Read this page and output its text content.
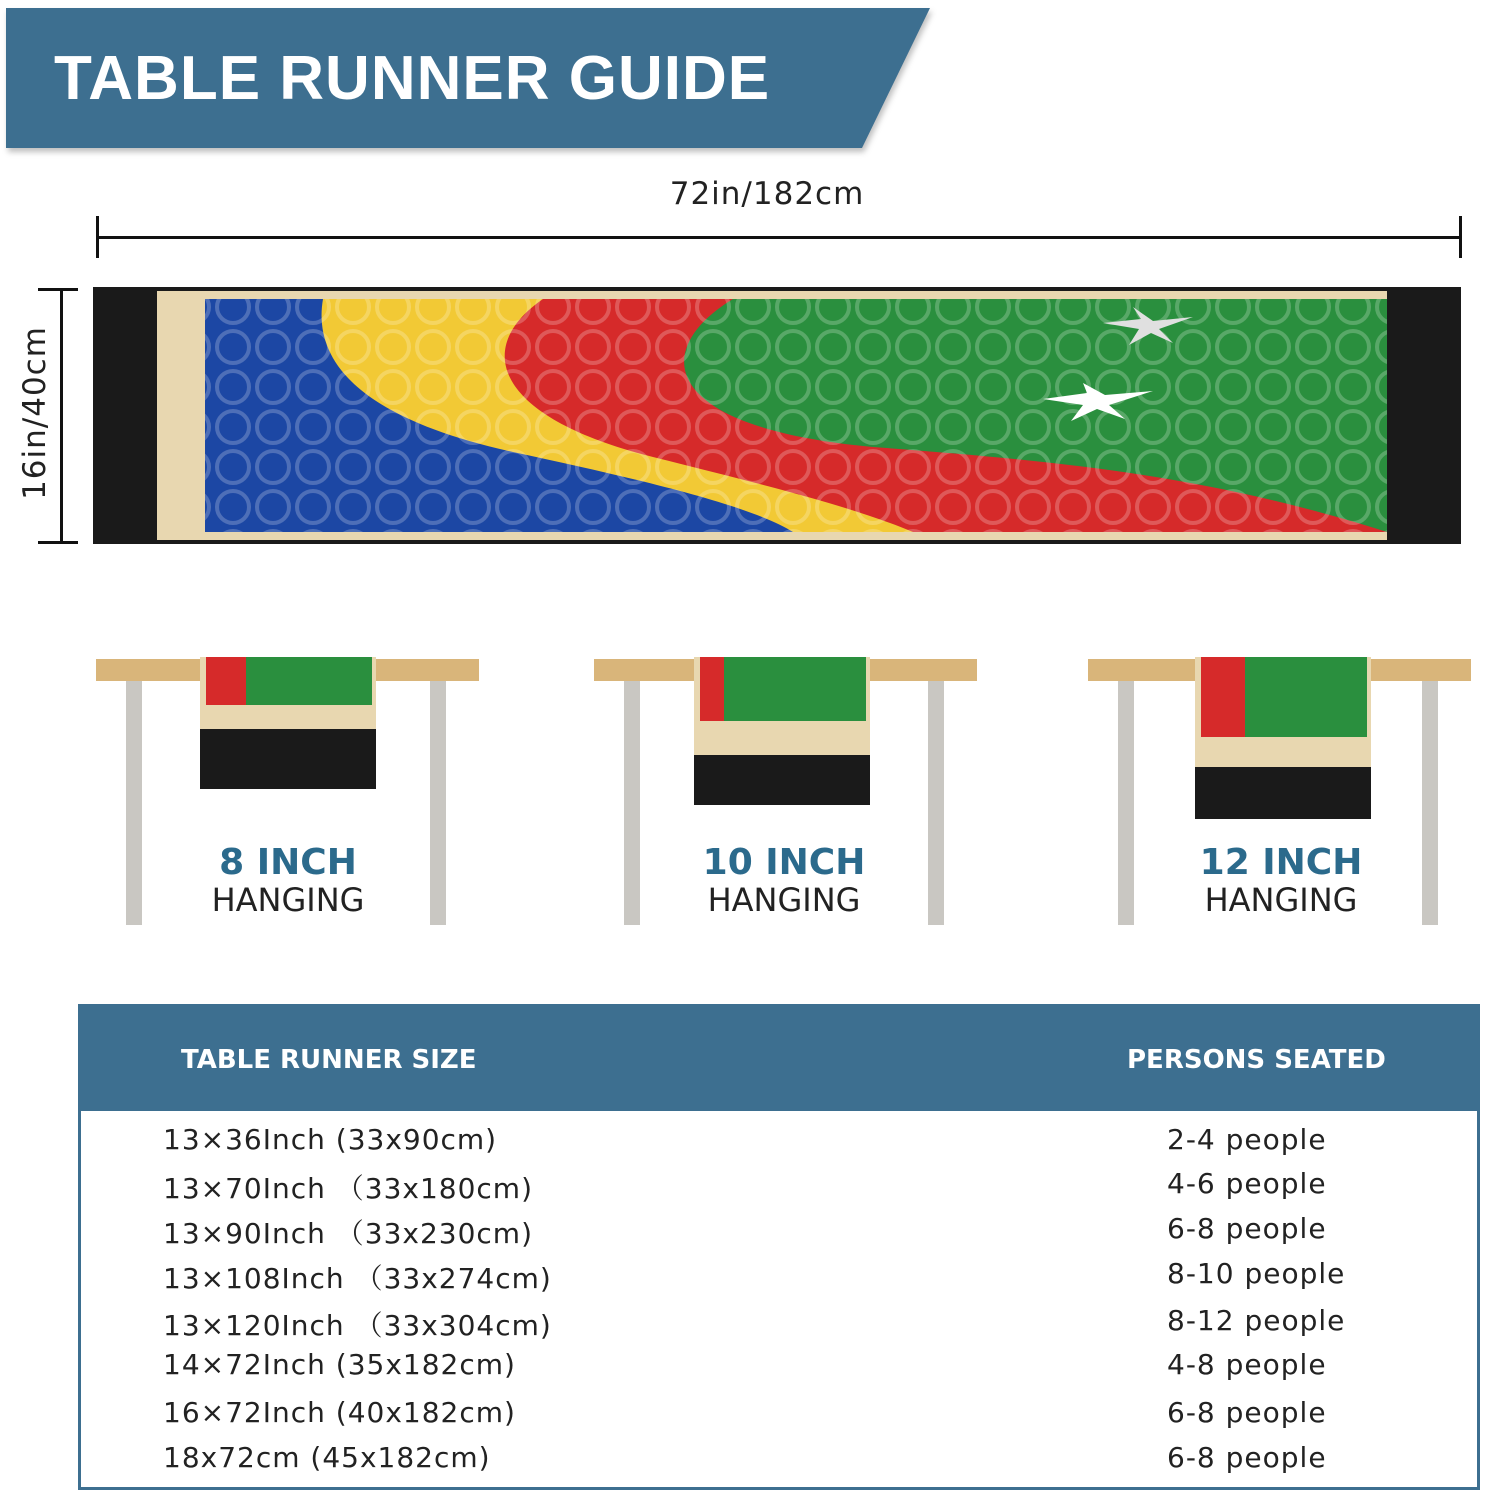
TABLE RUNNER GUIDE
72in/182cm
16in/40cm
8 INCH
HANGING
10 INCH
HANGING
12 INCH
HANGING
TABLE RUNNER SIZE	PERSONS SEATED
13×36Inch (33x90cm)	2-4 people
13×70Inch （33x180cm)	4-6 people
13×90Inch （33x230cm)	6-8 people
13×108Inch （33x274cm)	8-10 people
13×120Inch （33x304cm)	8-12 people
14×72Inch (35x182cm)	4-8 people
16×72Inch (40x182cm)	6-8 people
18x72cm (45x182cm)	6-8 people
